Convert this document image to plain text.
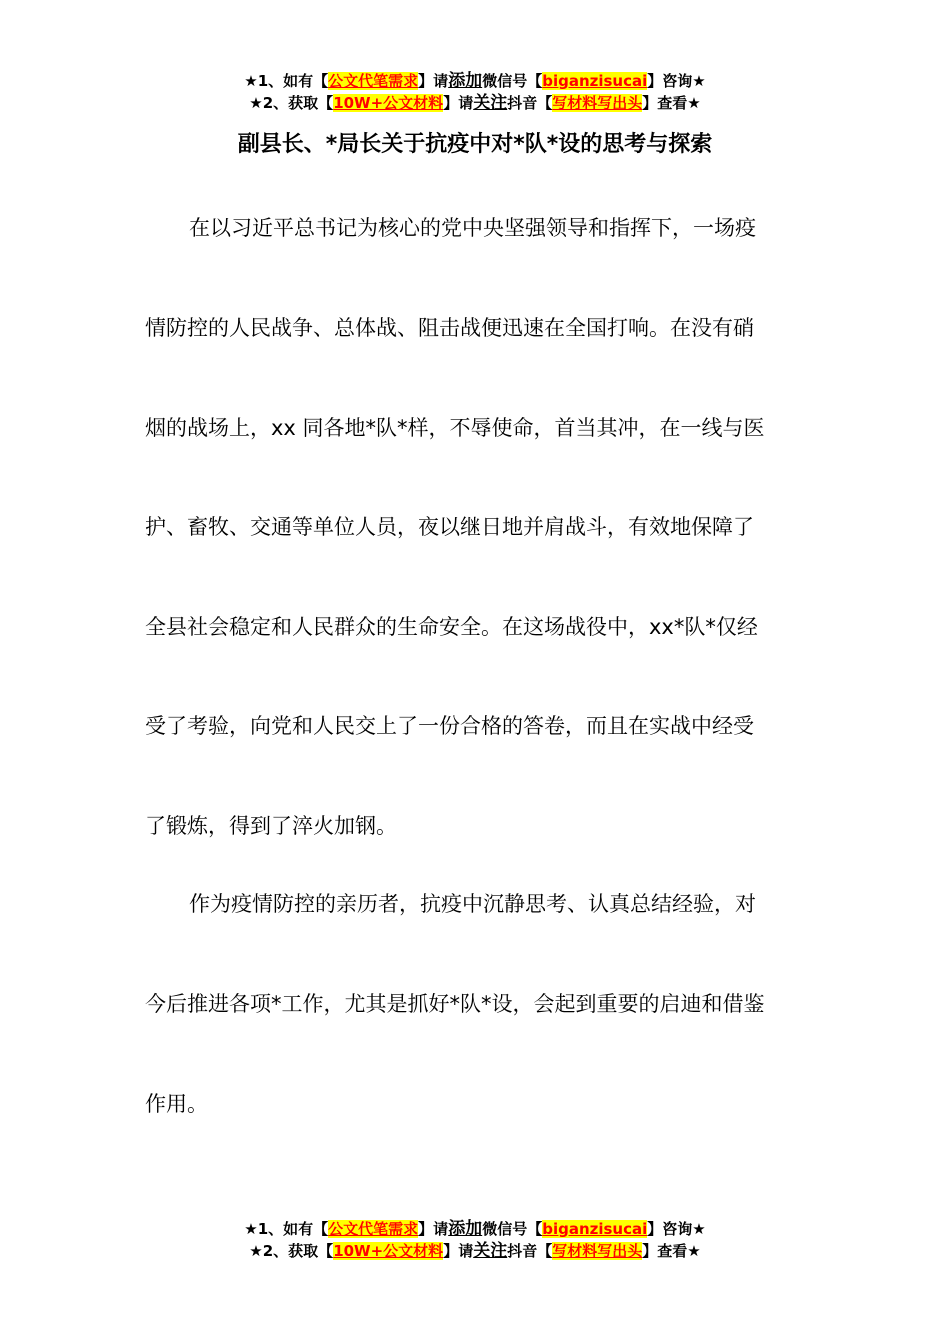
★1、如有【公文代笔需求】请添加微信号【biganzisucai】咨询★
★2、获取【10W+公文材料】请关注抖音【写材料写出头】查看★
副县长、*局长关于抗疫中对*队*设的思考与探索
在以习近平总书记为核心的党中央坚强领导和指挥下，一场疫
情防控的人民战争、总体战、阻击战便迅速在全国打响。在没有硝
烟的战场上，xx 同各地*队*样，不辱使命，首当其冲，在一线与医
护、畜牧、交通等单位人员，夜以继日地并肩战斗，有效地保障了
全县社会稳定和人民群众的生命安全。在这场战役中，xx*队*仅经
受了考验，向党和人民交上了一份合格的答卷，而且在实战中经受
了锻炼，得到了淬火加钢。
作为疫情防控的亲历者，抗疫中沉静思考、认真总结经验，对
今后推进各项*工作，尤其是抓好*队*设，会起到重要的启迪和借鉴
作用。
★1、如有【公文代笔需求】请添加微信号【biganzisucai】咨询★
★2、获取【10W+公文材料】请关注抖音【写材料写出头】查看★
